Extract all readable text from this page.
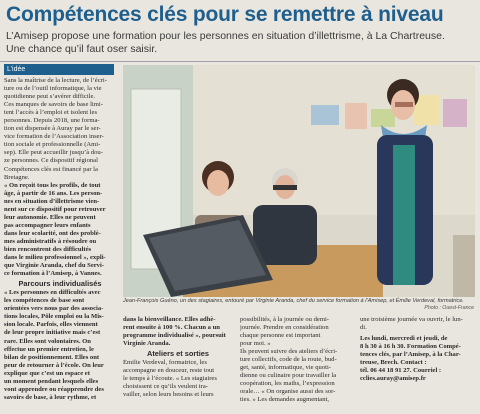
Compétences clés pour se remettre à niveau
L’Amisep propose une formation pour les personnes en situation d’illettrisme, à La Chartreuse.
Une chance qu’il faut oser saisir.
L’idée
Sans la maîtrise de la lecture, de l’écri-
ture ou de l’outil informatique, la vie
quotidienne peut s’avérer difficile.
Ces manques de savoirs de base limi-
tent l’accès à l’emploi et isolent les
personnes. Depuis 2018, une forma-
tion est dispensée à Auray par le ser-
vice formation de l’Association inser-
tion sociale et professionnelle (Ami-
sep). Elle peut accueillir jusqu’à dou-
ze personnes. Ce dispositif régional
Compétences clés est financé par la
Bretagne.
« On reçoit tous les profils, de tout
âge, à partir de 16 ans. Les person-
nes en situation d’illettrisme vien-
nent sur ce dispositif pour retrouver
leur autonomie. Elles ne peuvent
pas accompagner leurs enfants
dans leur scolarité, ont des problè-
mes administratifs à résoudre ou
bien rencontrent des difficultés
dans le milieu professionnel », expli-
que Virginie Aranda, chef du Servi-
ce formation à l’Amisep, à Vannes.
Parcours individualisés
« Les personnes en difficultés avec
les compétences de base sont
orientées vers nous par des associa-
tions locales, Pôle emploi ou la Mis-
sion locale. Parfois, elles viennent
de leur propre initiative mais c’est
rare. Elles sont volontaires. On
effectue un premier entretien, le
bilan de positionnement. Elles ont
peur de retourner à l’école. On leur
explique que c’est un espace et
un moment pendant lesquels elles
vont apprendre ou réapprendre des
savoirs de base, à leur rythme, et
Jean-François Guéno, un des stagiaires, entouré par Virginie Aranda, chef du service formation à l’Amisep, et Émilie Verdeval, formatrice.
Photo : Ouest-France
dans la bienveillance. Elles adhè-
rent ensuite à 100 %. Chacun a un
programme individualisé », poursuit
Virginie Aranda.
Ateliers et sorties
Émilie Verdeval, formatrice, les
accompagne en douceur, reste tout
le temps à l’écoute. « Les stagiaires
choisissent ce qu’ils veulent tra-
vailler, selon leurs besoins et leurs
possibilités, à la journée ou demi-
journée. Prendre en considération
chaque personne est important
pour moi. »
Ils peuvent suivre des ateliers d’écri-
ture collectifs, code de la route, bud-
get, santé, informatique, vie quoti-
dienne ou culinaire pour travailler la
coopération, les maths, l’expression
orale… « On organise aussi des sor-
ties. » Les demandes augmentant,
une troisième journée va ouvrir, le lun-
di.
Les lundi, mercredi et jeudi, de
8 h 30 à 16 h 30. Formation Compé-
tences clés, par l’Amisep, à la Char-
treuse, Brech. Contact :
tél. 06 44 18 91 27. Courriel :
cclies.auray@amisep.fr
